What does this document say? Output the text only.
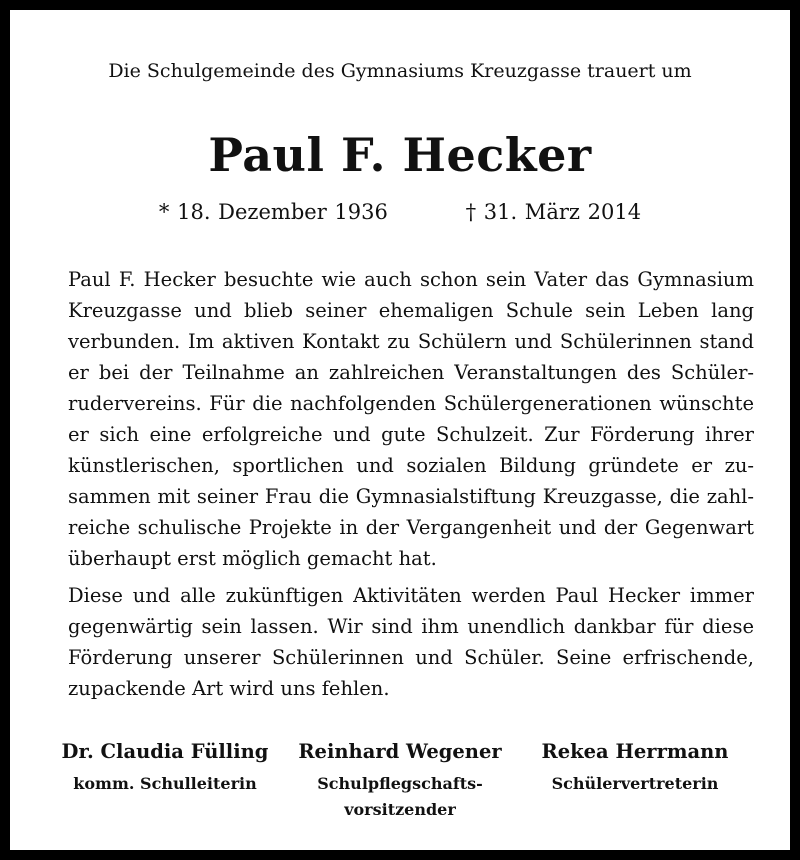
Die Schulgemeinde des Gymnasiums Kreuzgasse trauert um
Paul F. Hecker
* 18. Dezember 1936	† 31. März 2014

Paul F. Hecker besuchte wie auch schon sein Vater das Gymnasium Kreuzgasse und blieb seiner ehemaligen Schule sein Leben lang verbunden. Im aktiven Kontakt zu Schülern und Schülerinnen stand er bei der Teilnahme an zahlreichen Veranstaltungen des Schülerrudervereins. Für die nachfolgenden Schülergenerationen wünschte er sich eine erfolgreiche und gute Schulzeit. Zur Förderung ihrer künstlerischen, sportlichen und sozialen Bildung gründete er zusammen mit seiner Frau die Gymnasialstiftung Kreuzgasse, die zahlreiche schulische Projekte in der Vergangenheit und der Gegenwart überhaupt erst möglich gemacht hat.

Diese und alle zukünftigen Aktivitäten werden Paul Hecker immer gegenwärtig sein lassen. Wir sind ihm unendlich dankbar für diese Förderung unserer Schülerinnen und Schüler. Seine erfrischende, zupackende Art wird uns fehlen.

Dr. Claudia Fülling
komm. Schulleiterin
Reinhard Wegener
Schulpflegschafts-
vorsitzender
Rekea Herrmann
Schülervertreterin
